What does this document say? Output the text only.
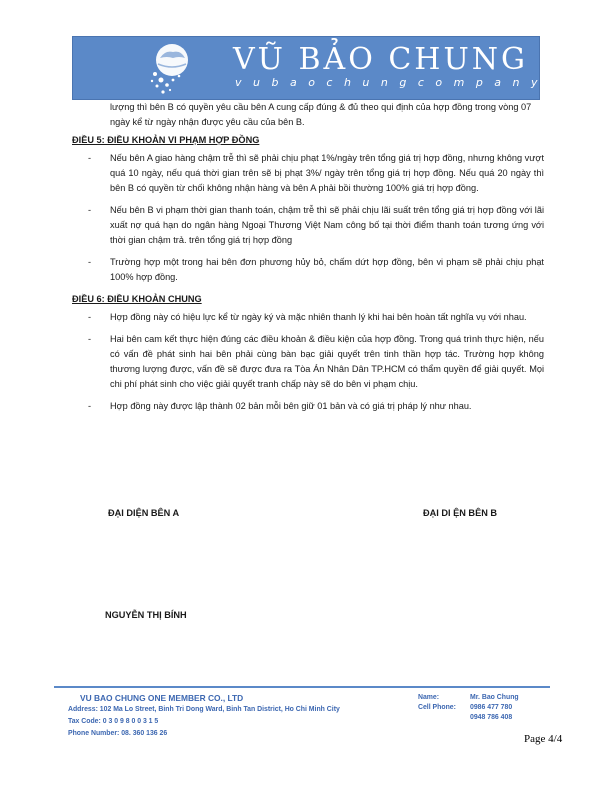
VŨ BẢO CHUNG
v u b a o c h u n g c o m p a n y

lượng thì bên B có quyền yêu cầu bên A cung cấp đúng & đủ theo qui định của hợp đồng trong vòng 07 ngày kể từ ngày nhận được yêu cầu của bên B.

ĐIỀU 5: ĐIỀU KHOẢN VI PHẠM HỢP ĐỒNG
- Nếu bên A giao hàng chậm trễ thì sẽ phải chịu phạt 1%/ngày trên tổng giá trị hợp đồng, nhưng không vượt quá 10 ngày, nếu quá thời gian trên sẽ bị phạt 3%/ ngày trên tổng giá trị hợp đồng. Nếu quá 20 ngày thì bên B có quyền từ chối không nhận hàng và bên A phải bồi thường 100% giá trị hợp đồng.
- Nếu bên B vi phạm thời gian thanh toán, chậm trễ thì sẽ phải chịu lãi suất trên tổng giá trị hợp đồng với lãi xuất nợ quá hạn do ngân hàng Ngoại Thương Việt Nam công bố tại thời điểm thanh toán tương ứng với thời gian chậm trả. trên tổng giá trị hợp đồng
- Trường hợp một trong hai bên đơn phương hủy bỏ, chấm dứt hợp đồng, bên vi phạm sẽ phải chịu phạt 100% hợp đồng.
ĐIỀU 6: ĐIỀU KHOẢN CHUNG
- Hợp đồng này có hiệu lực kể từ ngày ký và mặc nhiên thanh lý khi hai bên hoàn tất nghĩa vụ với nhau.
- Hai bên cam kết thực hiện đúng các điều khoản & điều kiện của hợp đồng. Trong quá trình thực hiện, nếu có vấn đề phát sinh hai bên phải cùng bàn bạc giải quyết trên tinh thần hợp tác. Trường hợp không thương lượng được, vấn đề sẽ được đưa ra Tòa Án Nhân Dân TP.HCM có thẩm quyền để giải quyết. Mọi chi phí phát sinh cho việc giải quyết tranh chấp này sẽ do bên vi phạm chịu.
- Hợp đồng này được lập thành 02 bản mỗi bên giữ 01 bản và có giá trị pháp lý như nhau.
ĐẠI DIỆN BÊN A	ĐẠI DI ỆN BÊN B
NGUYỄN THỊ BÍNH
VU BAO CHUNG ONE MEMBER CO., LTD
Address: 102 Ma Lo Street, Binh Tri Dong Ward, Binh Tan District, Ho Chi Minh City
Tax Code: 0 3 0 9 8 0 0 3 1 5
Phone Number: 08. 360 136 26
Name:	Mr. Bao Chung
Cell Phone: 0986 477 780
0948 786 408
Page 4/4
